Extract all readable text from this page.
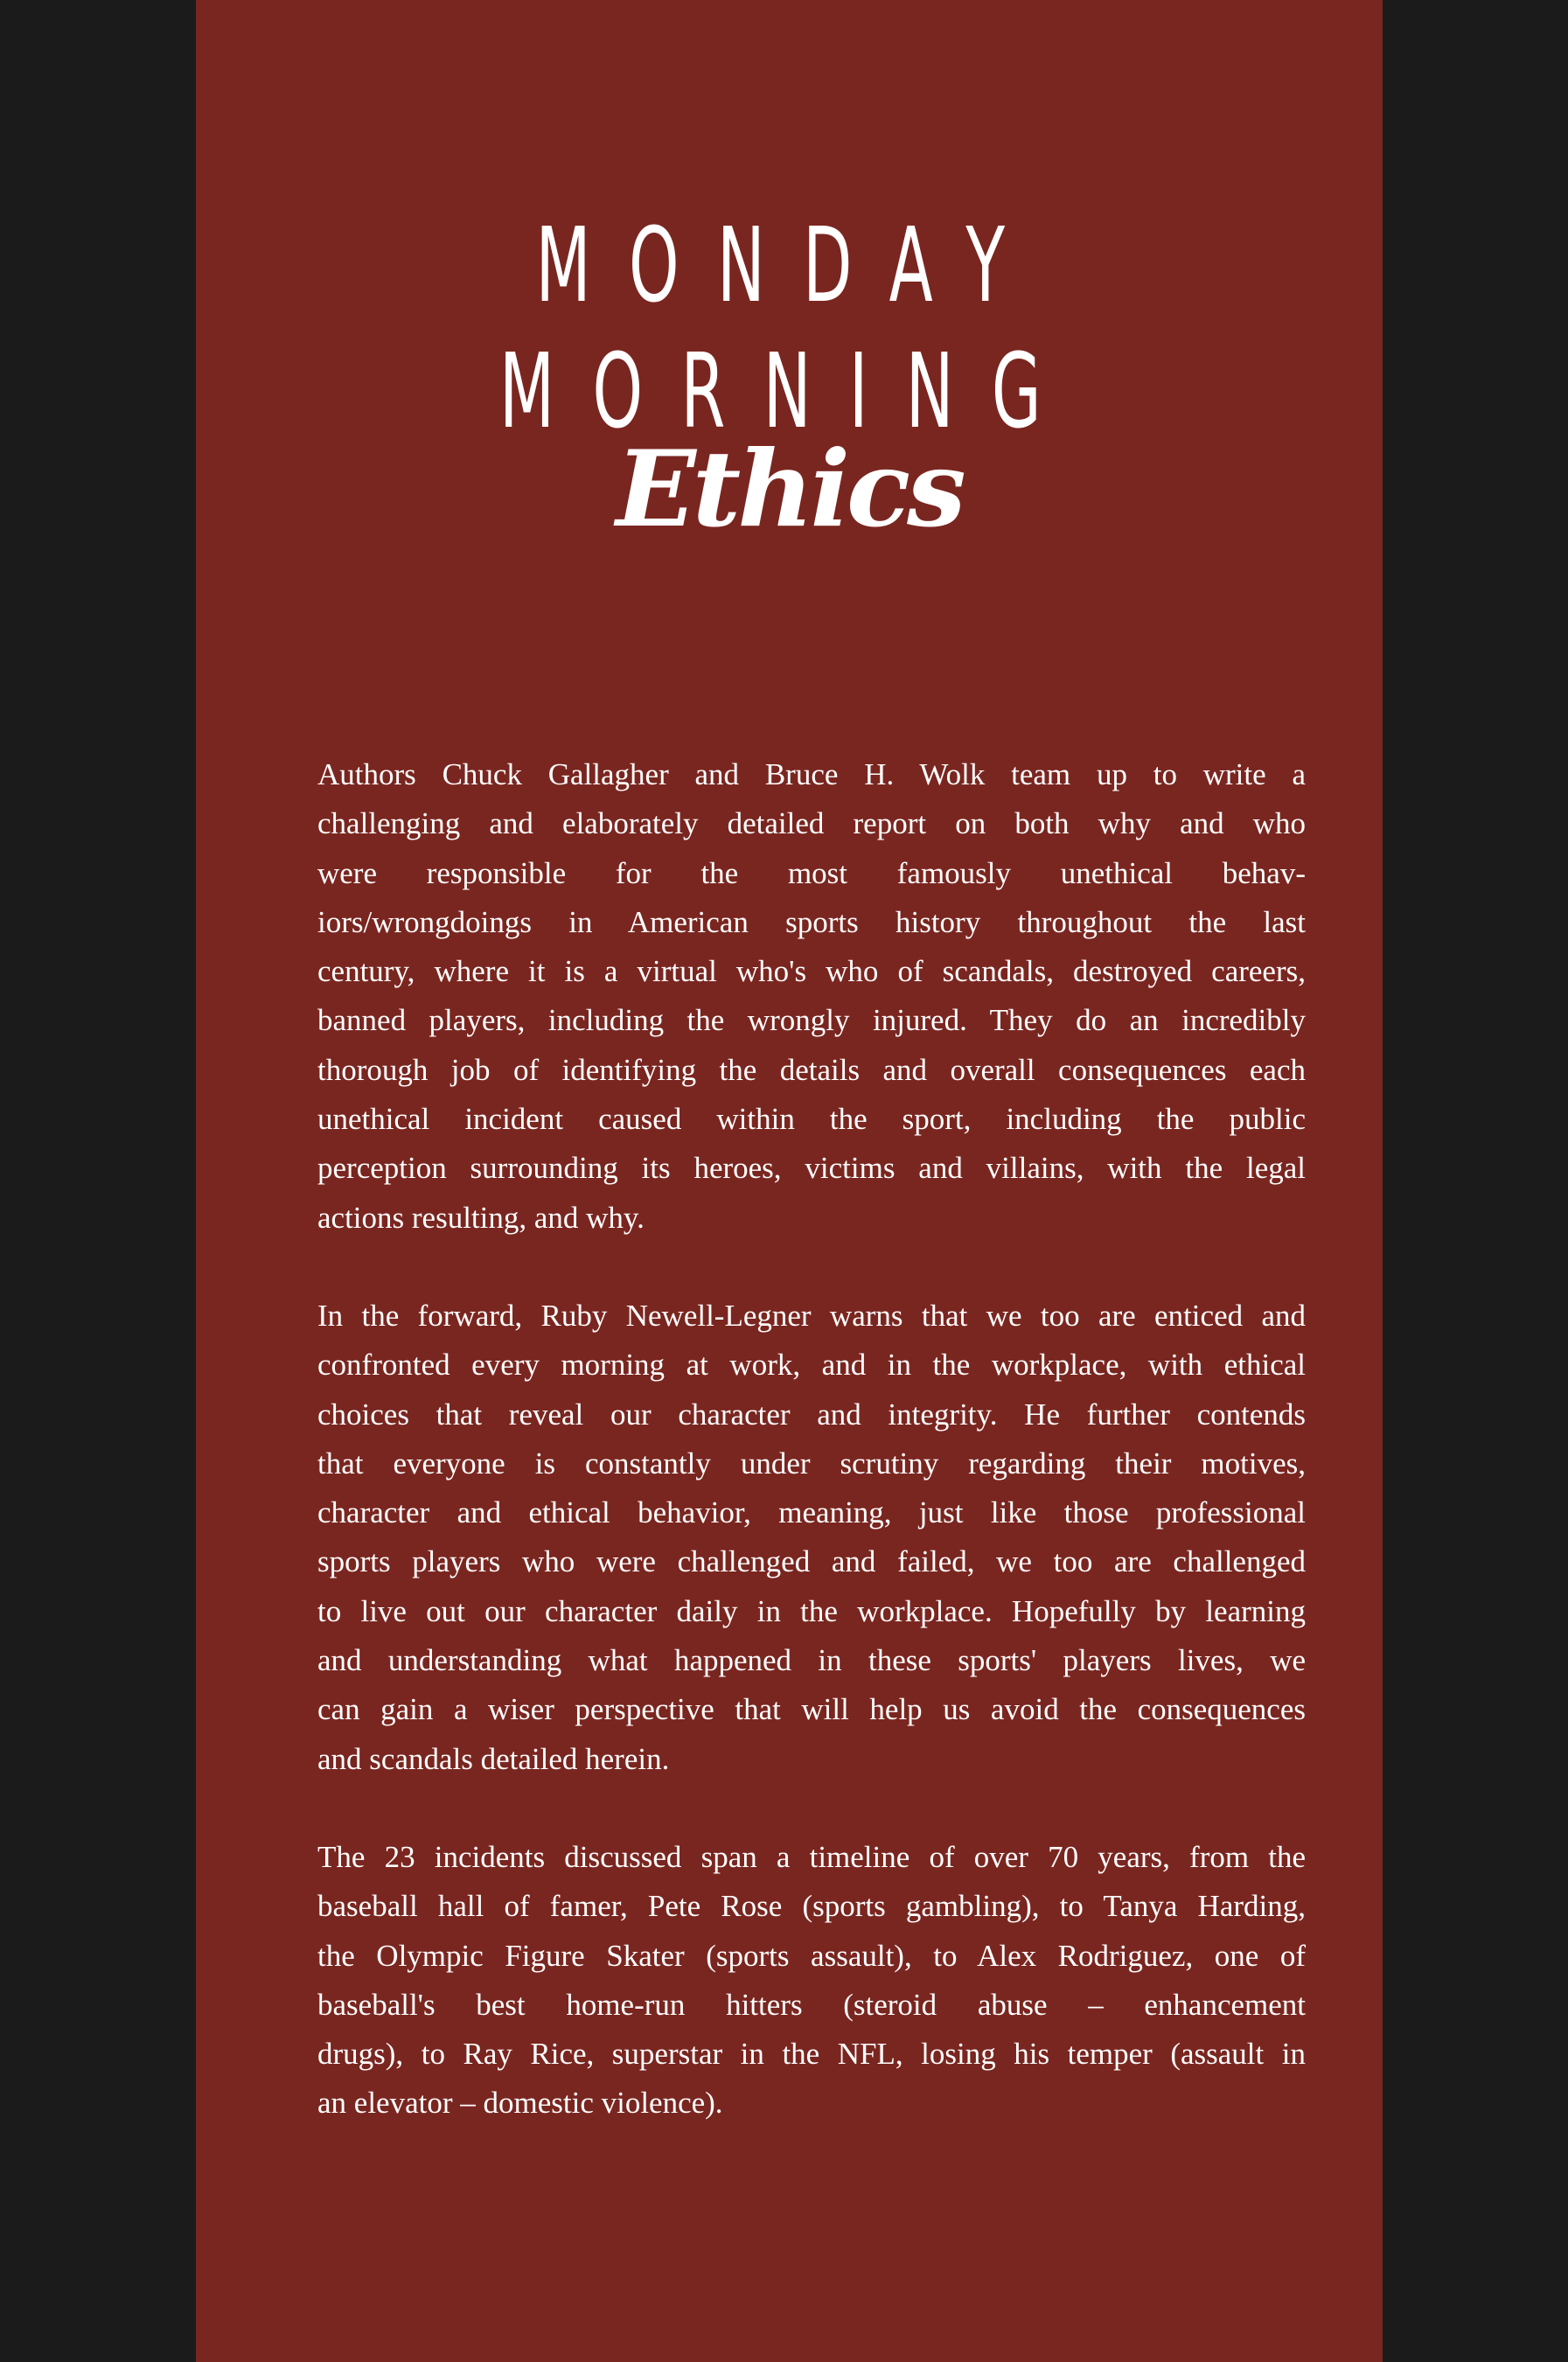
MONDAY
MORNING
Ethics
Authors Chuck Gallagher and Bruce H. Wolk team up to write a
challenging and elaborately detailed report on both why and who
were responsible for the most famously unethical behav-
iors/wrongdoings in American sports history throughout the last
century, where it is a virtual who's who of scandals, destroyed careers,
banned players, including the wrongly injured. They do an incredibly
thorough job of identifying the details and overall consequences each
unethical incident caused within the sport, including the public
perception surrounding its heroes, victims and villains, with the legal
actions resulting, and why.
In the forward, Ruby Newell-Legner warns that we too are enticed and
confronted every morning at work, and in the workplace, with ethical
choices that reveal our character and integrity. He further contends
that everyone is constantly under scrutiny regarding their motives,
character and ethical behavior, meaning, just like those professional
sports players who were challenged and failed, we too are challenged
to live out our character daily in the workplace. Hopefully by learning
and understanding what happened in these sports' players lives, we
can gain a wiser perspective that will help us avoid the consequences
and scandals detailed herein.
The 23 incidents discussed span a timeline of over 70 years, from the
baseball hall of famer, Pete Rose (sports gambling), to Tanya Harding,
the Olympic Figure Skater (sports assault), to Alex Rodriguez, one of
baseball's best home-run hitters (steroid abuse – enhancement
drugs), to Ray Rice, superstar in the NFL, losing his temper (assault in
an elevator – domestic violence).
